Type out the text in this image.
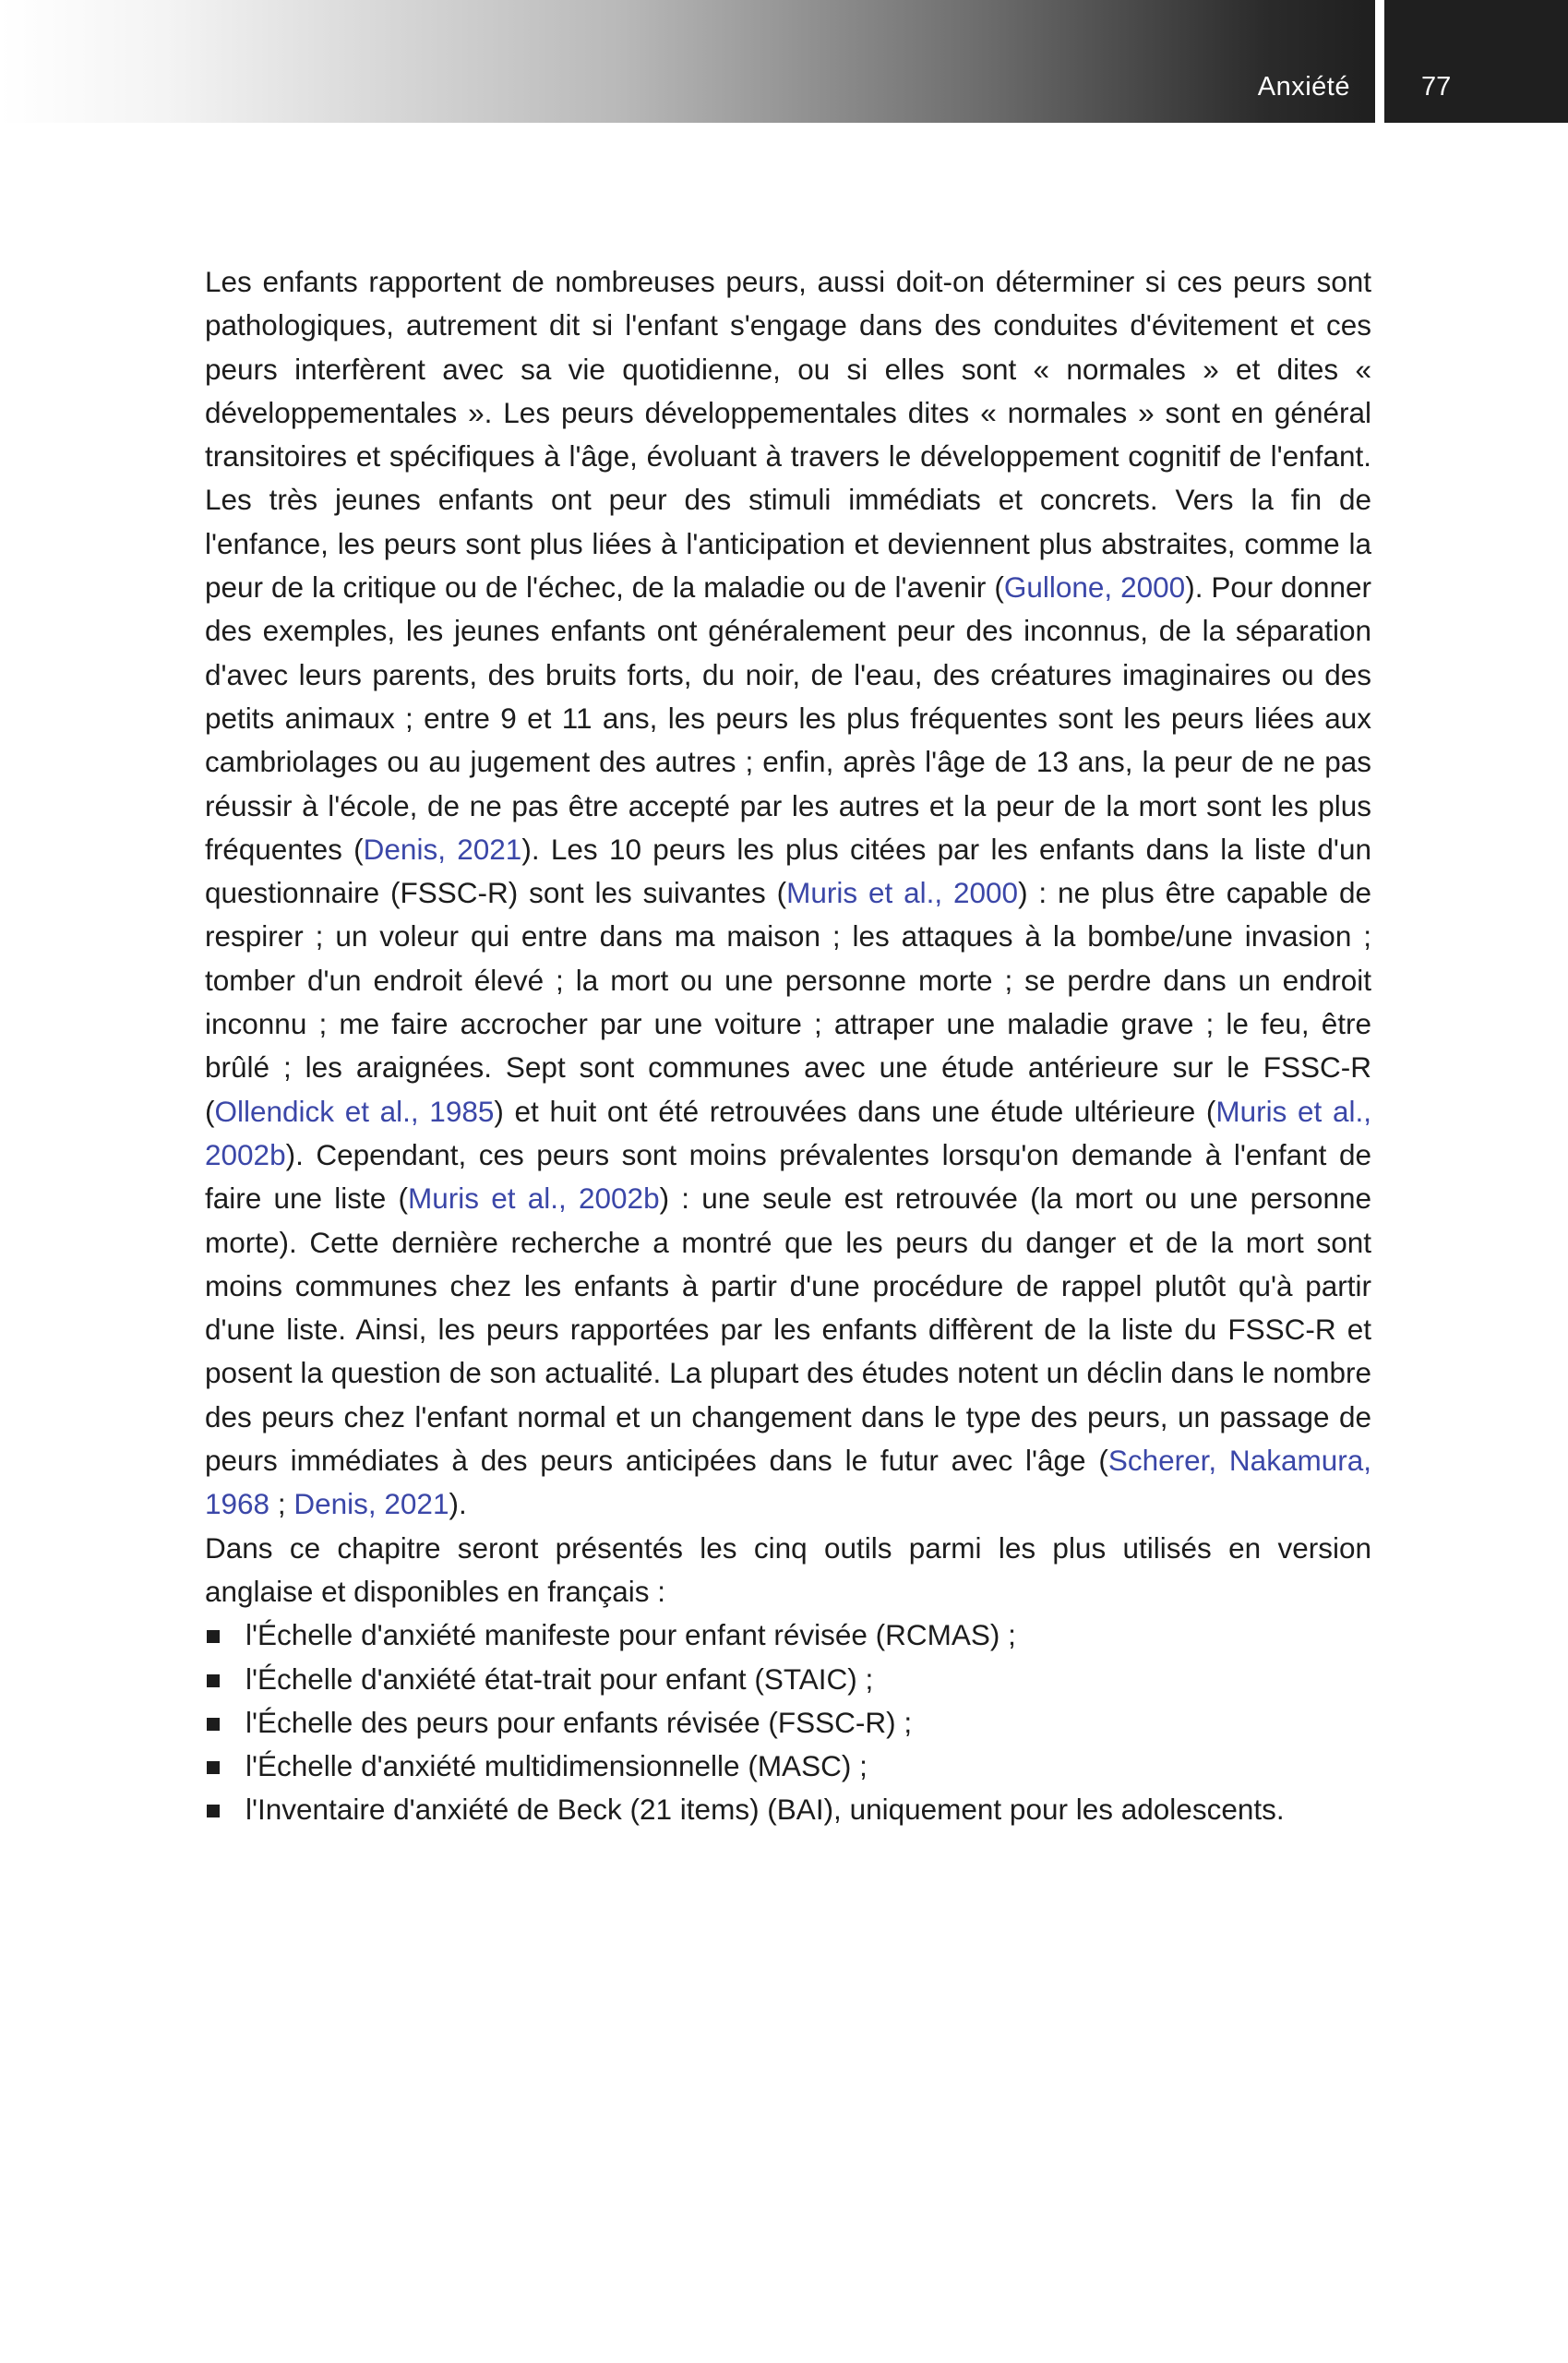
Anxiété	77

Les enfants rapportent de nombreuses peurs, aussi doit-on déterminer si ces peurs sont pathologiques, autrement dit si l'enfant s'engage dans des conduites d'évitement et ces peurs interfèrent avec sa vie quotidienne, ou si elles sont « normales » et dites « développementales ». Les peurs développementales dites « normales » sont en général transitoires et spécifiques à l'âge, évoluant à travers le développement cognitif de l'enfant. Les très jeunes enfants ont peur des stimuli immédiats et concrets. Vers la fin de l'enfance, les peurs sont plus liées à l'anticipation et deviennent plus abstraites, comme la peur de la critique ou de l'échec, de la maladie ou de l'avenir (Gullone, 2000). Pour donner des exemples, les jeunes enfants ont généralement peur des inconnus, de la séparation d'avec leurs parents, des bruits forts, du noir, de l'eau, des créatures imaginaires ou des petits animaux ; entre 9 et 11 ans, les peurs les plus fréquentes sont les peurs liées aux cambriolages ou au jugement des autres ; enfin, après l'âge de 13 ans, la peur de ne pas réussir à l'école, de ne pas être accepté par les autres et la peur de la mort sont les plus fréquentes (Denis, 2021). Les 10 peurs les plus citées par les enfants dans la liste d'un questionnaire (FSSC-R) sont les suivantes (Muris et al., 2000) : ne plus être capable de respirer ; un voleur qui entre dans ma maison ; les attaques à la bombe/une invasion ; tomber d'un endroit élevé ; la mort ou une personne morte ; se perdre dans un endroit inconnu ; me faire accrocher par une voiture ; attraper une maladie grave ; le feu, être brûlé ; les araignées. Sept sont communes avec une étude antérieure sur le FSSC-R (Ollendick et al., 1985) et huit ont été retrouvées dans une étude ultérieure (Muris et al., 2002b). Cependant, ces peurs sont moins prévalentes lorsqu'on demande à l'enfant de faire une liste (Muris et al., 2002b) : une seule est retrouvée (la mort ou une personne morte). Cette dernière recherche a montré que les peurs du danger et de la mort sont moins communes chez les enfants à partir d'une procédure de rappel plutôt qu'à partir d'une liste. Ainsi, les peurs rapportées par les enfants diffèrent de la liste du FSSC-R et posent la question de son actualité. La plupart des études notent un déclin dans le nombre des peurs chez l'enfant normal et un changement dans le type des peurs, un passage de peurs immédiates à des peurs anticipées dans le futur avec l'âge (Scherer, Nakamura, 1968 ; Denis, 2021).

Dans ce chapitre seront présentés les cinq outils parmi les plus utilisés en version anglaise et disponibles en français :

l'Échelle d'anxiété manifeste pour enfant révisée (RCMAS) ;
l'Échelle d'anxiété état-trait pour enfant (STAIC) ;
l'Échelle des peurs pour enfants révisée (FSSC-R) ;
l'Échelle d'anxiété multidimensionnelle (MASC) ;
l'Inventaire d'anxiété de Beck (21 items) (BAI), uniquement pour les adolescents.
